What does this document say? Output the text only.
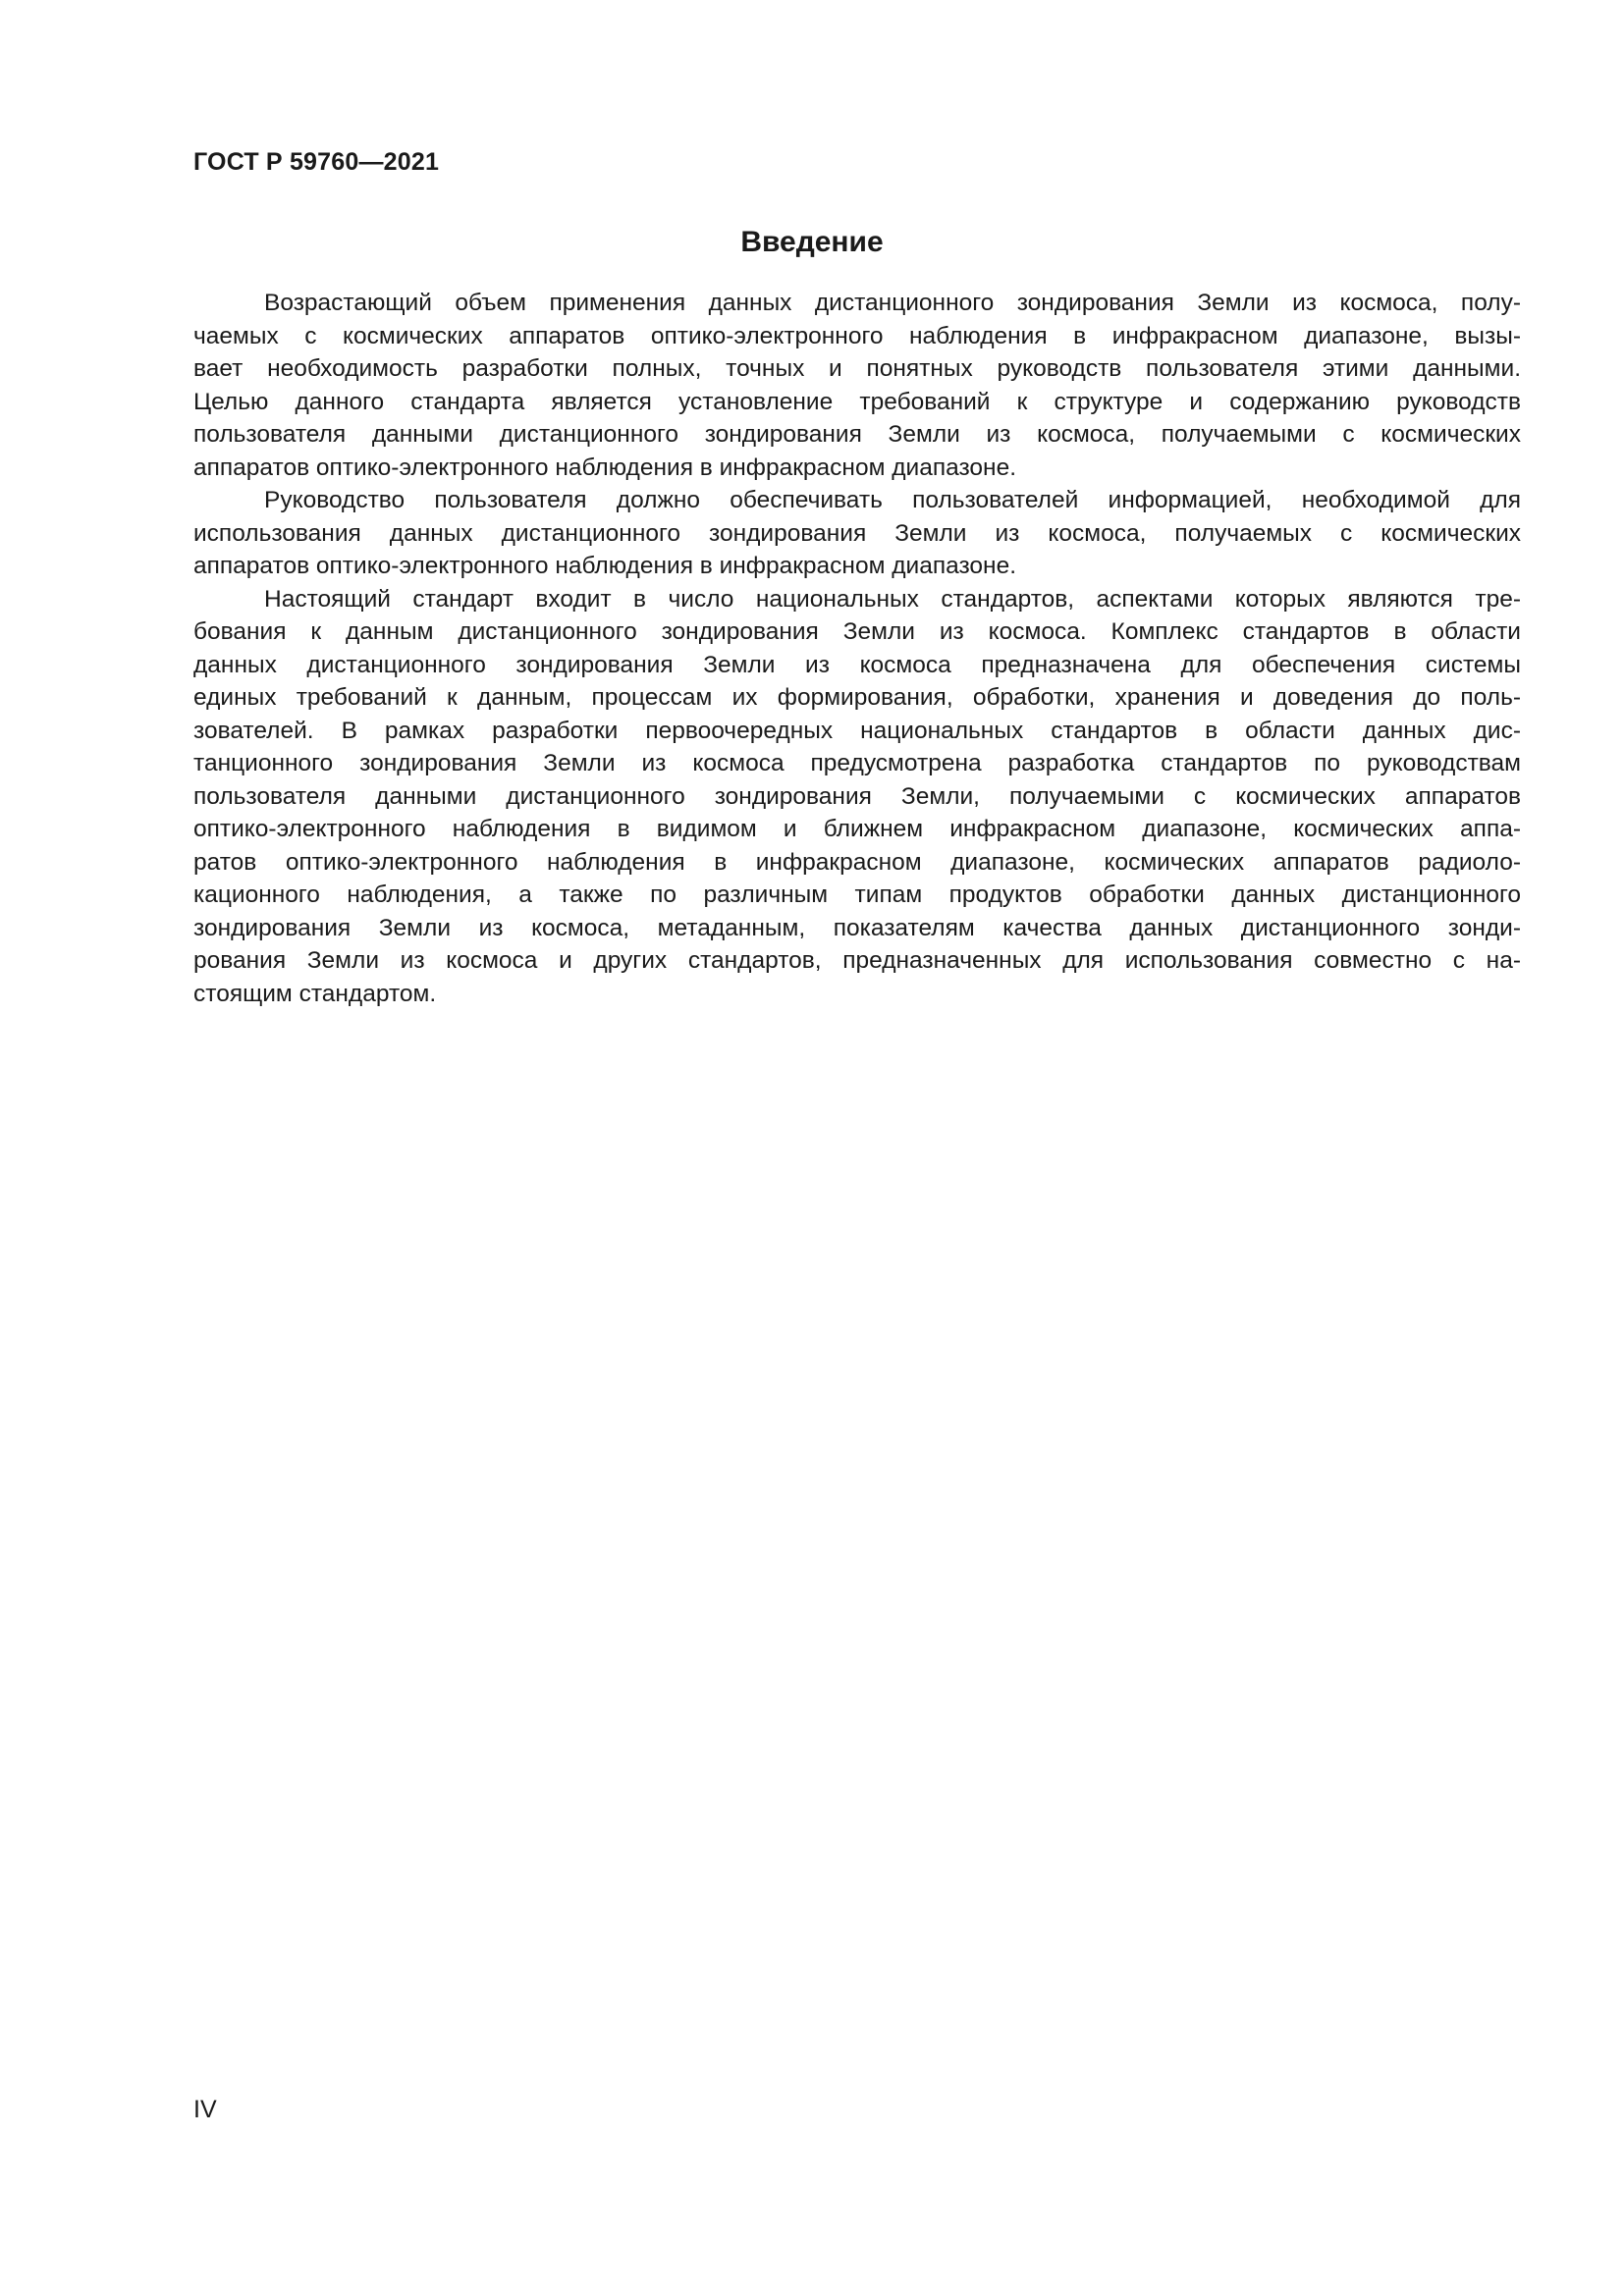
ГОСТ Р 59760—2021
Введение
Возрастающий объем применения данных дистанционного зондирования Земли из космоса, полу-
чаемых с космических аппаратов оптико-электронного наблюдения в инфракрасном диапазоне, вызы-
вает необходимость разработки полных, точных и понятных руководств пользователя этими данными.
Целью данного стандарта является установление требований к структуре и содержанию руководств
пользователя данными дистанционного зондирования Земли из космоса, получаемыми с космических
аппаратов оптико-электронного наблюдения в инфракрасном диапазоне.
Руководство пользователя должно обеспечивать пользователей информацией, необходимой для
использования данных дистанционного зондирования Земли из космоса, получаемых с космических
аппаратов оптико-электронного наблюдения в инфракрасном диапазоне.
Настоящий стандарт входит в число национальных стандартов, аспектами которых являются тре-
бования к данным дистанционного зондирования Земли из космоса. Комплекс стандартов в области
данных дистанционного зондирования Земли из космоса предназначена для обеспечения системы
единых требований к данным, процессам их формирования, обработки, хранения и доведения до поль-
зователей. В рамках разработки первоочередных национальных стандартов в области данных дис-
танционного зондирования Земли из космоса предусмотрена разработка стандартов по руководствам
пользователя данными дистанционного зондирования Земли, получаемыми с космических аппаратов
оптико-электронного наблюдения в видимом и ближнем инфракрасном диапазоне, космических аппа-
ратов оптико-электронного наблюдения в инфракрасном диапазоне, космических аппаратов радиоло-
кационного наблюдения, а также по различным типам продуктов обработки данных дистанционного
зондирования Земли из космоса, метаданным, показателям качества данных дистанционного зонди-
рования Земли из космоса и других стандартов, предназначенных для использования совместно с на-
стоящим стандартом.
IV
